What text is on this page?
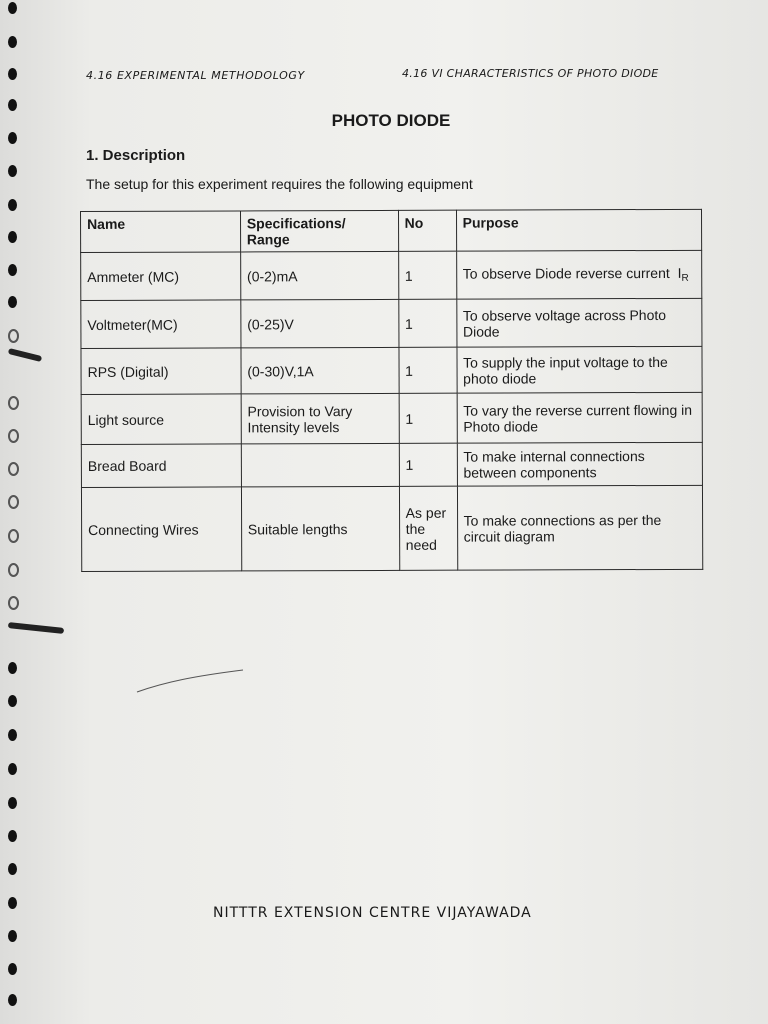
4.16 EXPERIMENTAL METHODOLOGY	4.16 VI CHARACTERISTICS OF PHOTO DIODE
PHOTO DIODE
1. Description
The setup for this experiment requires the following equipment
Name	Specifications/ Range	No	Purpose
Ammeter (MC)	(0-2)mA	1	To observe Diode reverse current $I_R$
Voltmeter(MC)	(0-25)V	1	To observe voltage across Photo Diode
RPS (Digital)	(0-30)V,1A	1	To supply the input voltage to the photo diode
Light source	Provision to Vary Intensity levels	1	To vary the reverse current flowing in Photo diode
Bread Board		1	To make internal connections between components
Connecting Wires	Suitable lengths	As per the need	To make connections as per the circuit diagram
NITTTR EXTENSION CENTRE VIJAYAWADA
